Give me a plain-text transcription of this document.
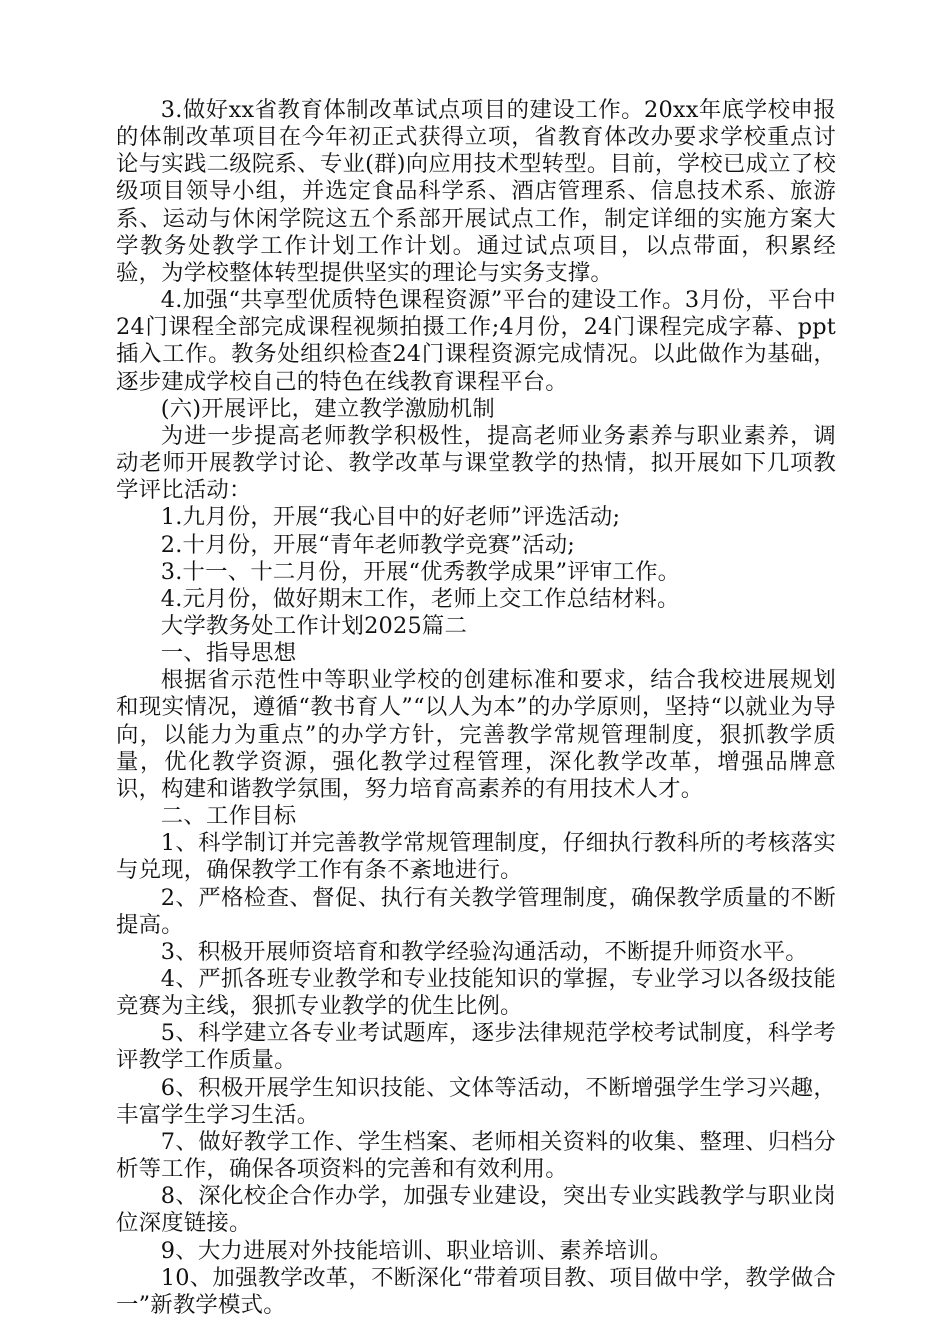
3.做好xx省教育体制改革试点项目的建设工作。20xx年底学校申报的体制改革项目在今年初正式获得立项，省教育体改办要求学校重点讨论与实践二级院系、专业(群)向应用技术型转型。目前，学校已成立了校级项目领导小组，并选定食品科学系、酒店管理系、信息技术系、旅游系、运动与休闲学院这五个系部开展试点工作，制定详细的实施方案大学教务处教学工作计划工作计划。通过试点项目，以点带面，积累经验，为学校整体转型提供坚实的理论与实务支撑。

4.加强“共享型优质特色课程资源”平台的建设工作。3月份，平台中24门课程全部完成课程视频拍摄工作;4月份，24门课程完成字幕、ppt插入工作。教务处组织检查24门课程资源完成情况。以此做作为基础，逐步建成学校自己的特色在线教育课程平台。

(六)开展评比，建立教学激励机制

为进一步提高老师教学积极性，提高老师业务素养与职业素养，调动老师开展教学讨论、教学改革与课堂教学的热情，拟开展如下几项教学评比活动：

1.九月份，开展“我心目中的好老师”评选活动;

2.十月份，开展“青年老师教学竞赛”活动;

3.十一、十二月份，开展“优秀教学成果”评审工作。

4.元月份，做好期末工作，老师上交工作总结材料。

大学教务处工作计划2025篇二

一、指导思想

根据省示范性中等职业学校的创建标准和要求，结合我校进展规划和现实情况，遵循“教书育人”“以人为本”的办学原则，坚持“以就业为导向，以能力为重点”的办学方针，完善教学常规管理制度，狠抓教学质量，优化教学资源，强化教学过程管理，深化教学改革，增强品牌意识，构建和谐教学氛围，努力培育高素养的有用技术人才。

二、工作目标

1、科学制订并完善教学常规管理制度，仔细执行教科所的考核落实与兑现，确保教学工作有条不紊地进行。

2、严格检查、督促、执行有关教学管理制度，确保教学质量的不断提高。

3、积极开展师资培育和教学经验沟通活动，不断提升师资水平。

4、严抓各班专业教学和专业技能知识的掌握，专业学习以各级技能竞赛为主线，狠抓专业教学的优生比例。

5、科学建立各专业考试题库，逐步法律规范学校考试制度，科学考评教学工作质量。

6、积极开展学生知识技能、文体等活动，不断增强学生学习兴趣，丰富学生学习生活。

7、做好教学工作、学生档案、老师相关资料的收集、整理、归档分析等工作，确保各项资料的完善和有效利用。

8、深化校企合作办学，加强专业建设，突出专业实践教学与职业岗位深度链接。

9、大力进展对外技能培训、职业培训、素养培训。

10、加强教学改革，不断深化“带着项目教、项目做中学，教学做合一”新教学模式。
